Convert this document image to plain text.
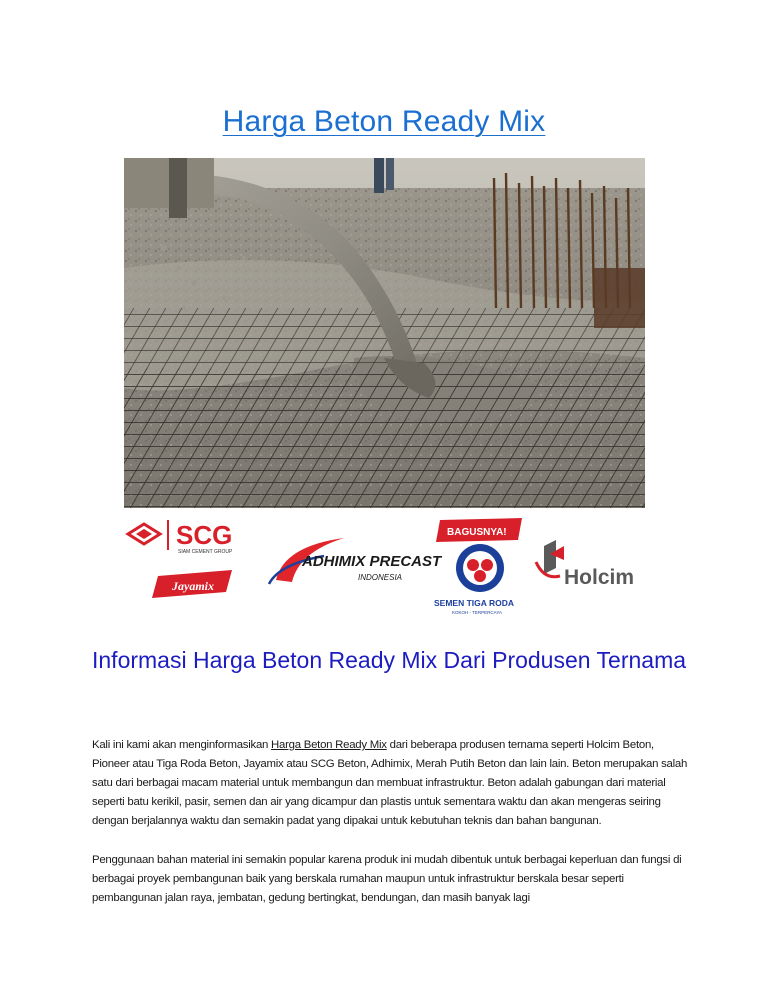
Harga Beton Ready Mix
SCG
SIAM CEMENT GROUP
Jayamix
ADHIMIX PRECAST
INDONESIA
BAGUSNYA!
SEMEN TIGA RODA
KOKOH - TERPERCAYA
Holcim
Informasi Harga Beton Ready Mix Dari Produsen Ternama

Kali ini kami akan menginformasikan Harga Beton Ready Mix dari beberapa produsen ternama seperti Holcim Beton, Pioneer atau Tiga Roda Beton, Jayamix atau SCG Beton, Adhimix, Merah Putih Beton dan lain lain. Beton merupakan salah satu dari berbagai macam material untuk membangun dan membuat infrastruktur. Beton adalah gabungan dari material seperti batu kerikil, pasir, semen dan air yang dicampur dan plastis untuk sementara waktu dan akan mengeras seiring dengan berjalannya waktu dan semakin padat yang dipakai untuk kebutuhan teknis dan bahan bangunan.

Penggunaan bahan material ini semakin popular karena produk ini mudah dibentuk untuk berbagai keperluan dan fungsi di berbagai proyek pembangunan baik yang berskala rumahan maupun untuk infrastruktur berskala besar seperti pembangunan jalan raya, jembatan, gedung bertingkat, bendungan, dan masih banyak lagi
